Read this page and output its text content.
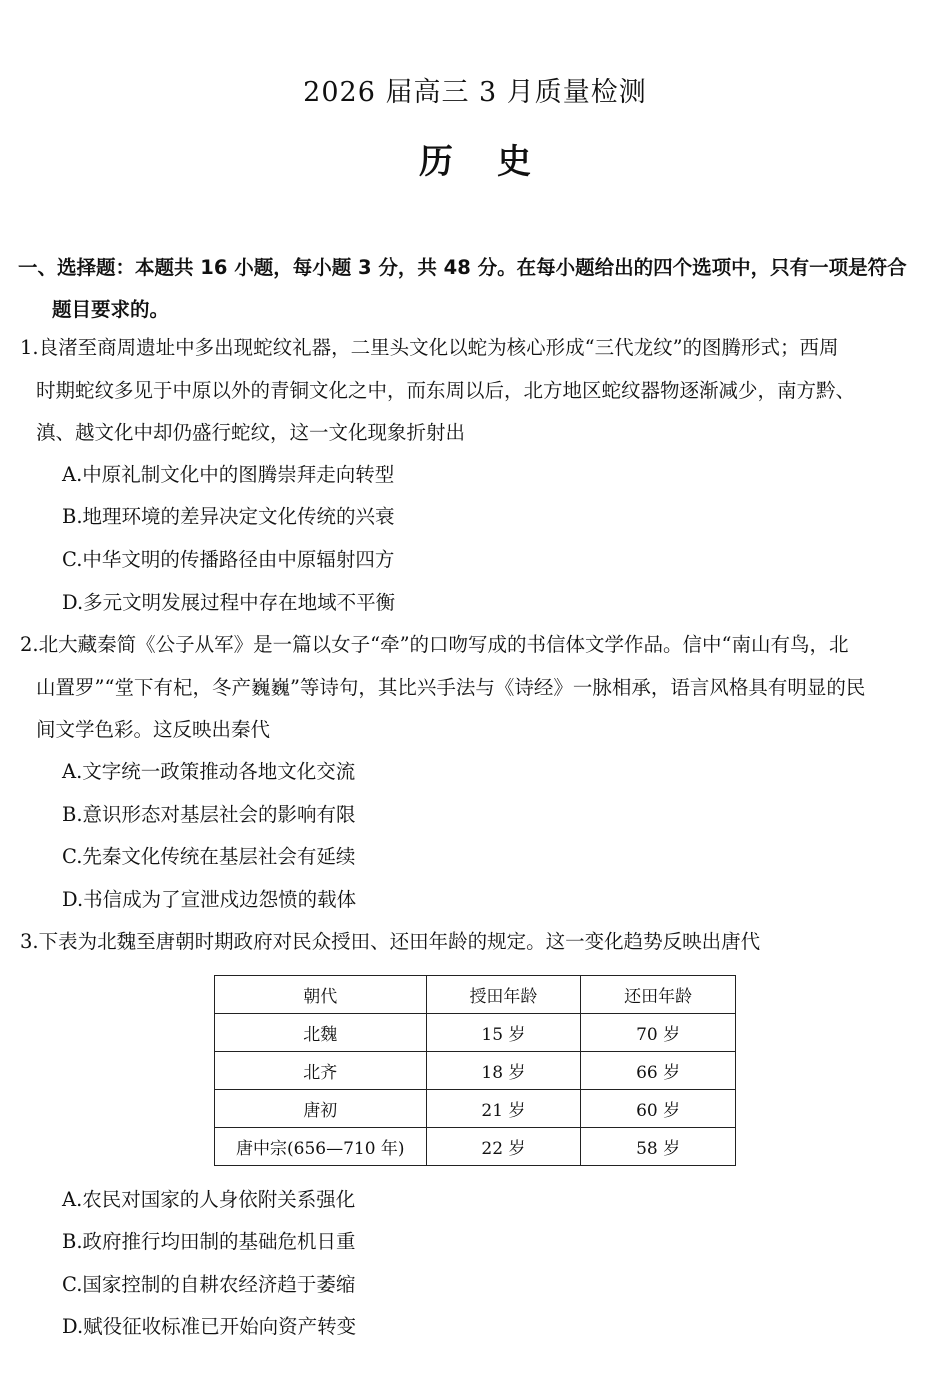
2026 届高三 3 月质量检测
历史
一、选择题：本题共 16 小题，每小题 3 分，共 48 分。在每小题给出的四个选项中，只有一项是符合
题目要求的。
1.良渚至商周遗址中多出现蛇纹礼器，二里头文化以蛇为核心形成“三代龙纹”的图腾形式；西周
时期蛇纹多见于中原以外的青铜文化之中，而东周以后，北方地区蛇纹器物逐渐减少，南方黔、
滇、越文化中却仍盛行蛇纹，这一文化现象折射出
A.中原礼制文化中的图腾崇拜走向转型
B.地理环境的差异决定文化传统的兴衰
C.中华文明的传播路径由中原辐射四方
D.多元文明发展过程中存在地域不平衡
2.北大藏秦简《公子从军》是一篇以女子“牵”的口吻写成的书信体文学作品。信中“南山有鸟，北
山置罗”“堂下有杞，冬产巍巍”等诗句，其比兴手法与《诗经》一脉相承，语言风格具有明显的民
间文学色彩。这反映出秦代
A.文字统一政策推动各地文化交流
B.意识形态对基层社会的影响有限
C.先秦文化传统在基层社会有延续
D.书信成为了宣泄戍边怨愤的载体
3.下表为北魏至唐朝时期政府对民众授田、还田年龄的规定。这一变化趋势反映出唐代
朝代	授田年龄	还田年龄
北魏	15 岁	70 岁
北齐	18 岁	66 岁
唐初	21 岁	60 岁
唐中宗(656—710 年)	22 岁	58 岁
A.农民对国家的人身依附关系强化
B.政府推行均田制的基础危机日重
C.国家控制的自耕农经济趋于萎缩
D.赋役征收标准已开始向资产转变
